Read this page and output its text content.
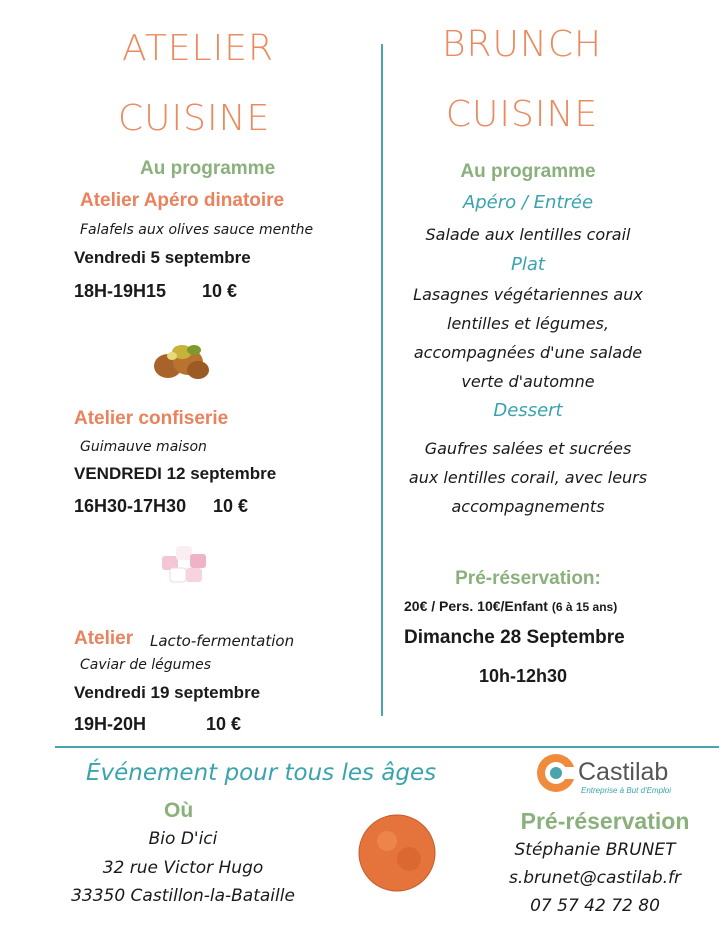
ATELIER
CUISINE
Au programme
Atelier Apéro dinatoire
Falafels aux olives sauce menthe
Vendredi 5 septembre
18H-19H15 10 €
Atelier confiserie
Guimauve maison
VENDREDI 12 septembre
16H30-17H30 10 €
Atelier Lacto-fermentation
Caviar de légumes
Vendredi 19 septembre
19H-20H	10 €
BRUNCH
CUISINE
Au programme
Apéro / Entrée
Salade aux lentilles corail
Plat
Lasagnes végétariennes aux
lentilles et légumes,
accompagnées d'une salade
verte d'automne
Dessert
Gaufres salées et sucrées
aux lentilles corail, avec leurs
accompagnements
Pré-réservation:
20€ / Pers. 10€/Enfant (6 à 15 ans)
Dimanche 28 Septembre
10h-12h30
Événement pour tous les âges
Où
Bio D'ici
32 rue Victor Hugo
33350 Castillon-la-Bataille
Castilab
Entreprise à But d'Emploi
Pré-réservation
Stéphanie BRUNET
s.brunet@castilab.fr
07 57 42 72 80
